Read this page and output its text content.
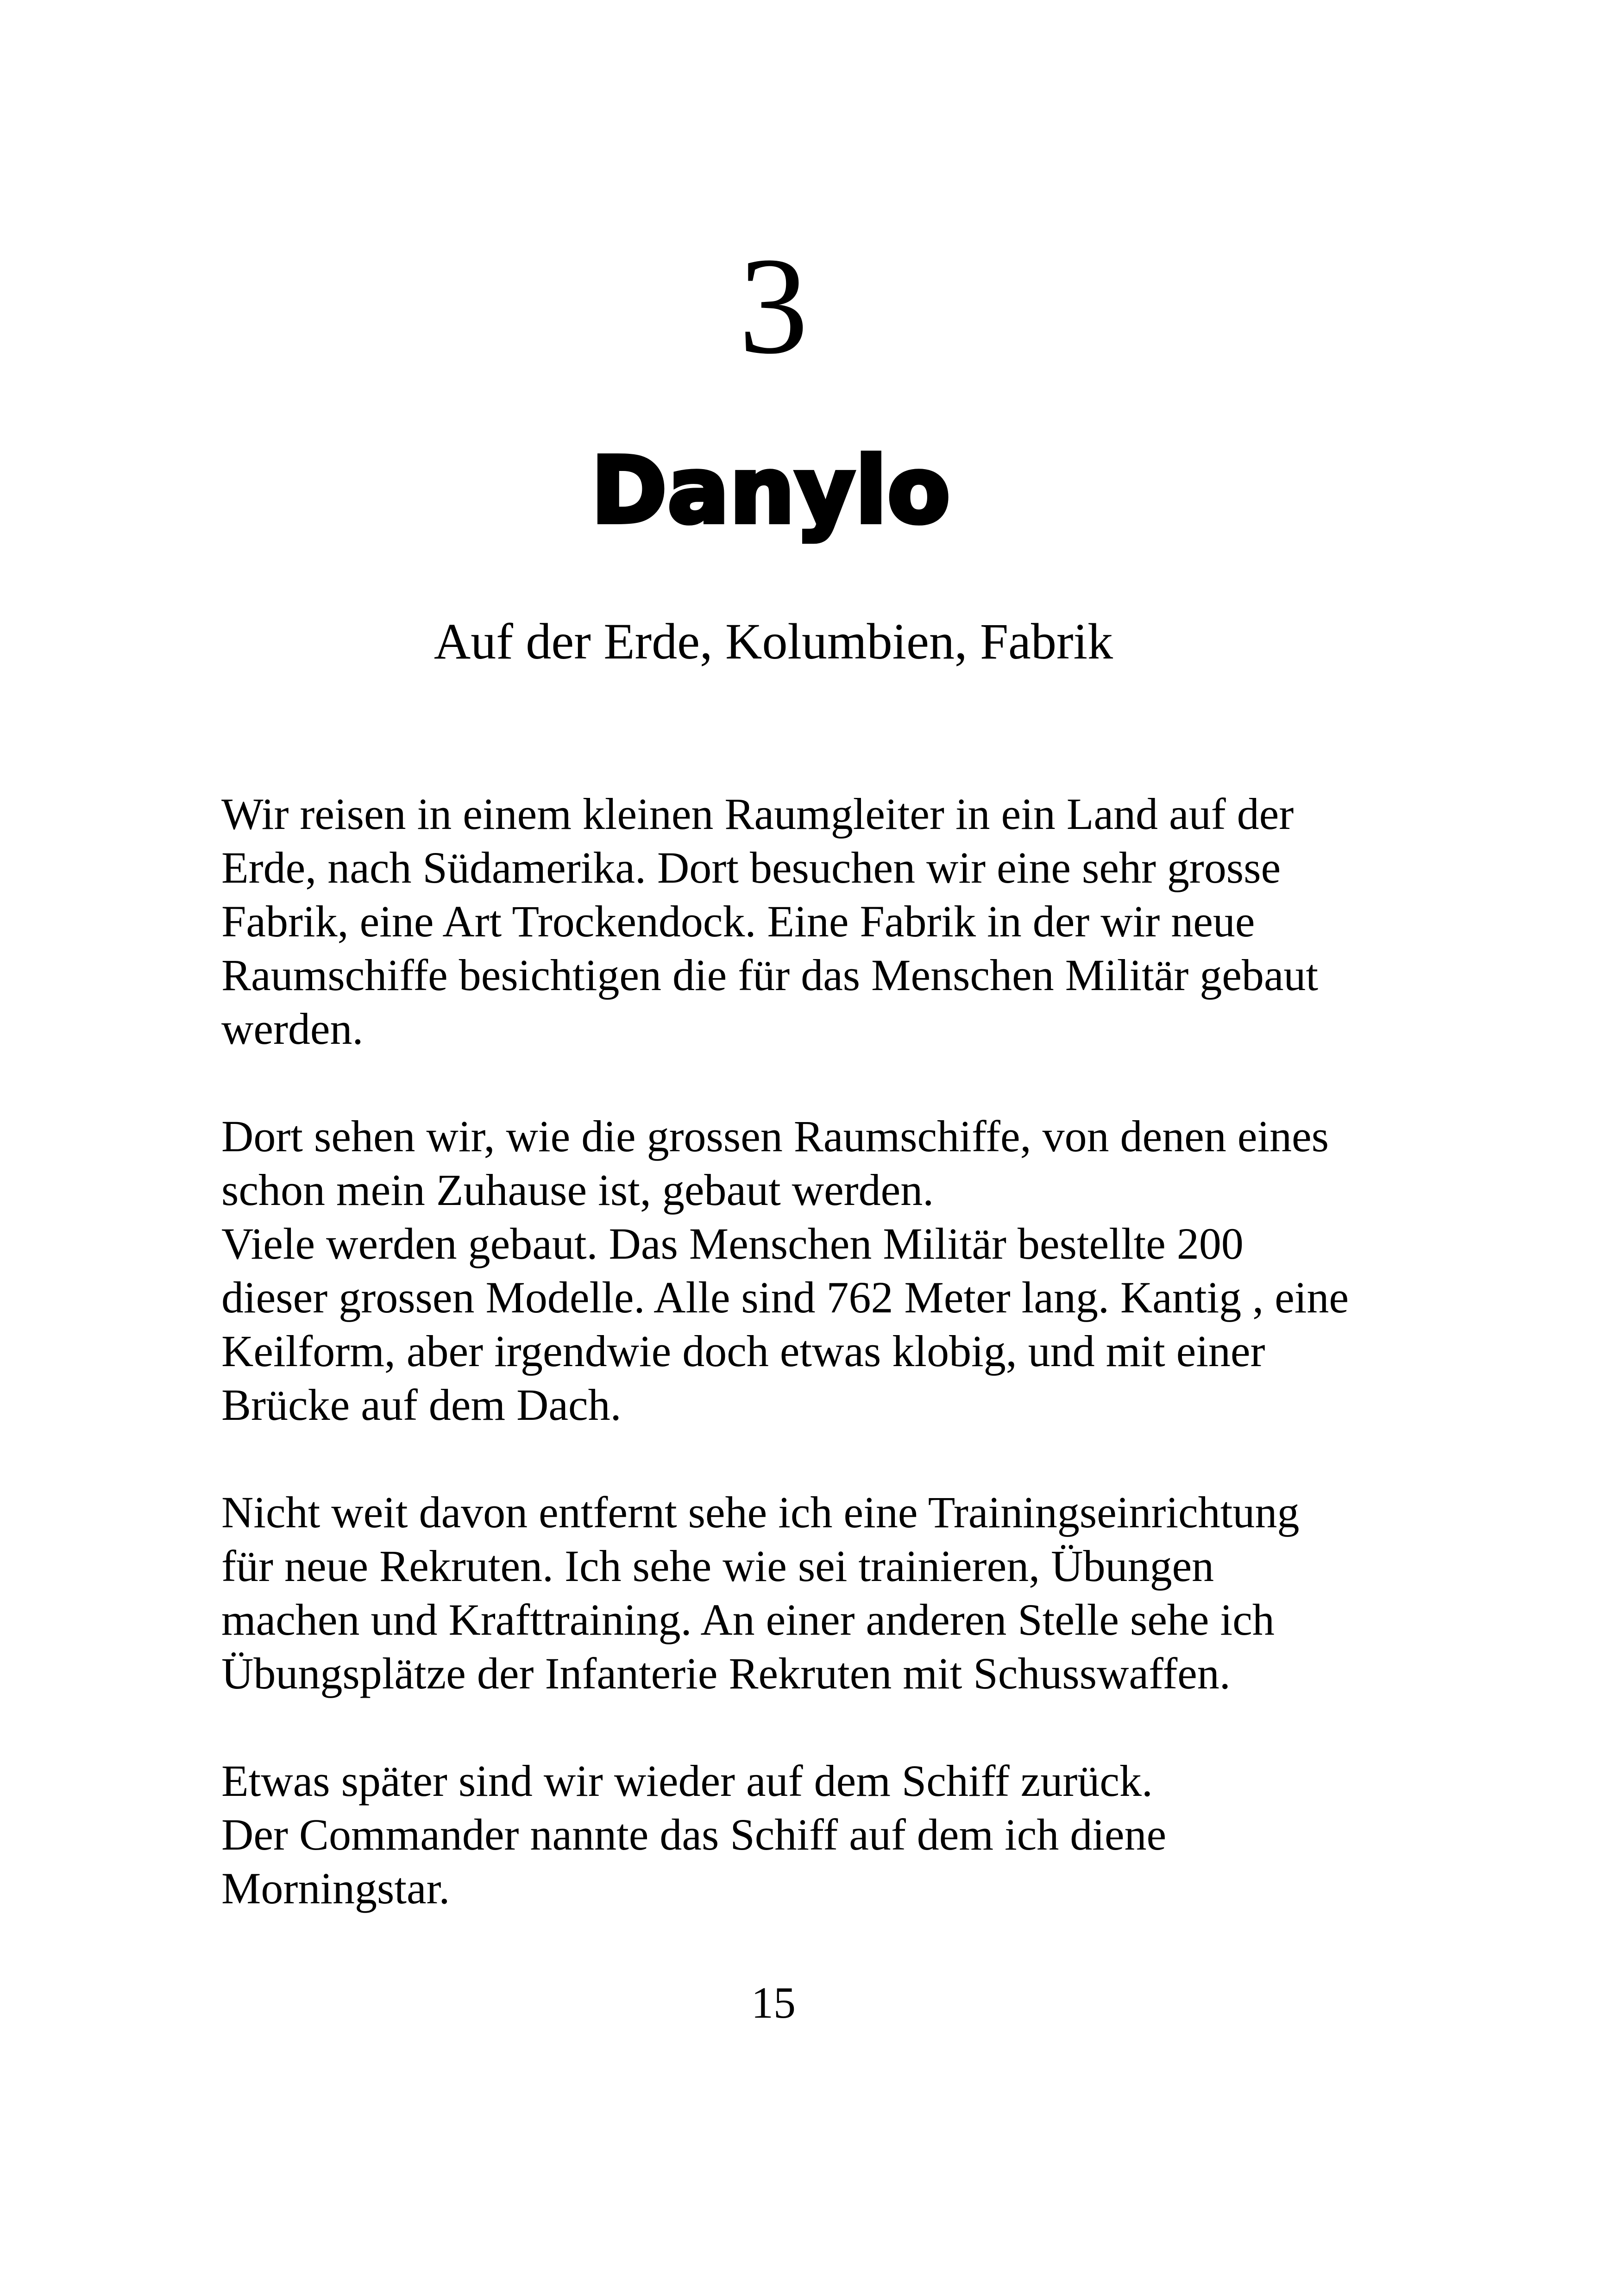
3
Danylo
Auf der Erde, Kolumbien, Fabrik

Wir reisen in einem kleinen Raumgleiter in ein Land auf der
Erde, nach Südamerika. Dort besuchen wir eine sehr grosse
Fabrik, eine Art Trockendock. Eine Fabrik in der wir neue
Raumschiffe besichtigen die für das Menschen Militär gebaut
werden.

Dort sehen wir, wie die grossen Raumschiffe, von denen eines
schon mein Zuhause ist, gebaut werden.
Viele werden gebaut. Das Menschen Militär bestellte 200
dieser grossen Modelle. Alle sind 762 Meter lang. Kantig , eine
Keilform, aber irgendwie doch etwas klobig, und mit einer
Brücke auf dem Dach.

Nicht weit davon entfernt sehe ich eine Trainingseinrichtung
für neue Rekruten. Ich sehe wie sei trainieren, Übungen
machen und Krafttraining. An einer anderen Stelle sehe ich
Übungsplätze der Infanterie Rekruten mit Schusswaffen.

Etwas später sind wir wieder auf dem Schiff zurück.
Der Commander nannte das Schiff auf dem ich diene
Morningstar.

15
